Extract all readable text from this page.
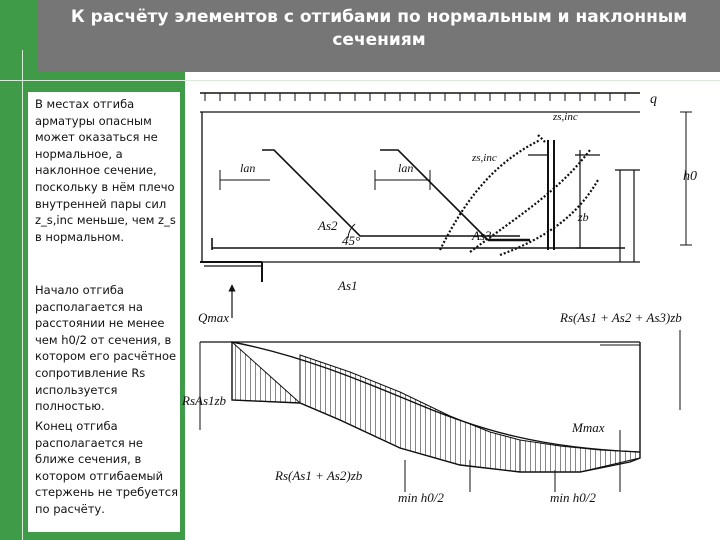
К расчёту элементов с отгибами по нормальным и наклонным сечениям
В местах отгиба арматуры опасным может оказаться не нормальное, а наклонное сечение, поскольку в нём плечо внутренней пары сил z_s,inc меньше, чем z_s в нормальном.
Начало отгиба располагается на расстоянии не менее чем h0/2 от сечения, в котором его расчётное сопротивление Rs используется полностью.
Конец отгиба располагается не ближе сечения, в котором отгибаемый стержень не требуется по расчёту.
q
zs,inc
zs,inc
lan	lan
h0
zb
As2
As3
As1
45°
Qmax
RsAs1zb
Rs(As1 + As2 + As3)zb
Rs(As1 + As2)zb
Mmax
min h0/2	min h0/2
